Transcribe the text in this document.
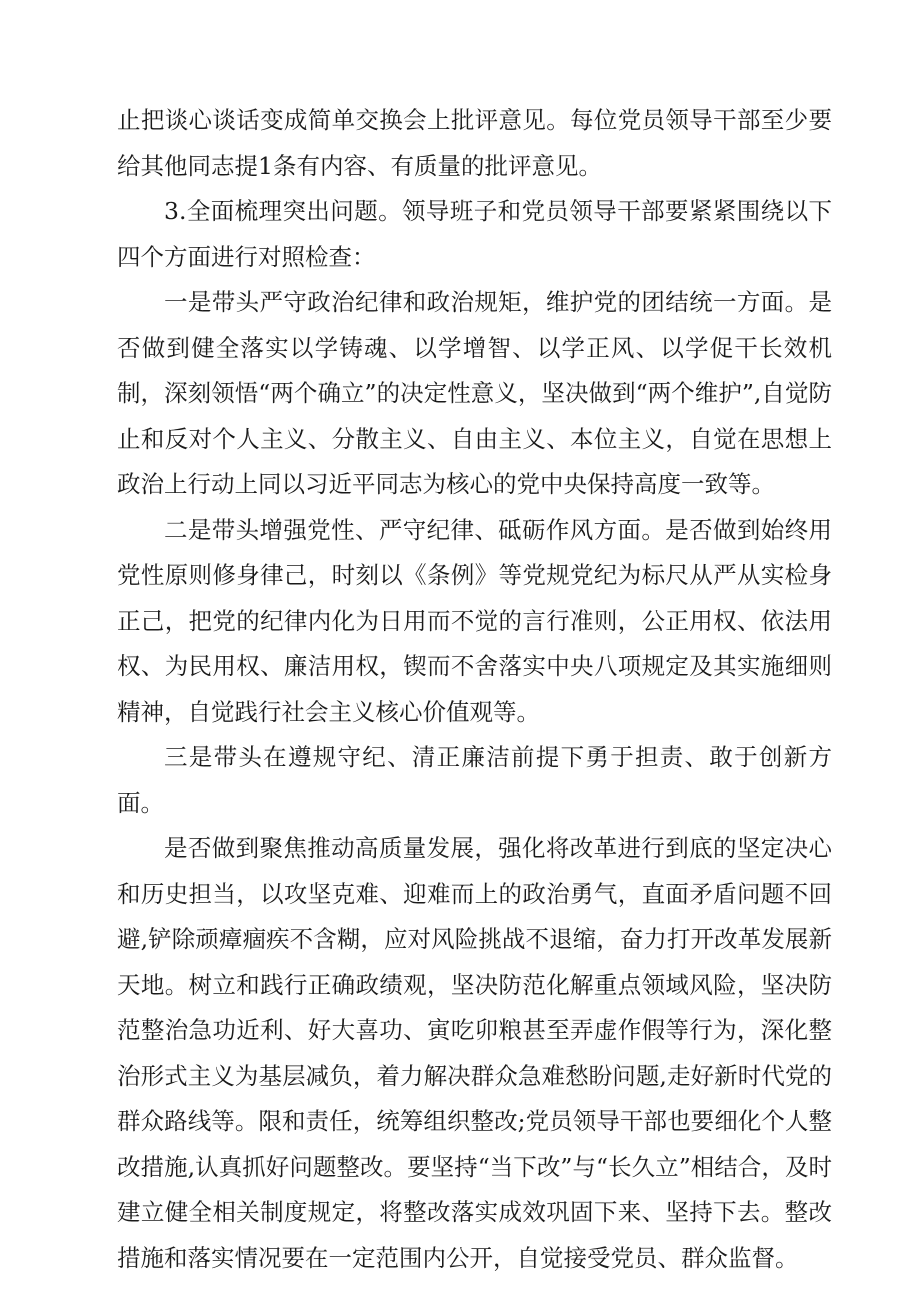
止把谈心谈话变成简单交换会上批评意见。每位党员领导干部至少要给其他同志提1条有内容、有质量的批评意见。

3.全面梳理突出问题。领导班子和党员领导干部要紧紧围绕以下四个方面进行对照检查：

一是带头严守政治纪律和政治规矩，维护党的团结统一方面。是否做到健全落实以学铸魂、以学增智、以学正风、以学促干长效机制，深刻领悟“两个确立”的决定性意义，坚决做到“两个维护”,自觉防止和反对个人主义、分散主义、自由主义、本位主义，自觉在思想上政治上行动上同以习近平同志为核心的党中央保持高度一致等。

二是带头增强党性、严守纪律、砥砺作风方面。是否做到始终用党性原则修身律己，时刻以《条例》等党规党纪为标尺从严从实检身正己，把党的纪律内化为日用而不觉的言行准则，公正用权、依法用权、为民用权、廉洁用权，锲而不舍落实中央八项规定及其实施细则精神，自觉践行社会主义核心价值观等。

三是带头在遵规守纪、清正廉洁前提下勇于担责、敢于创新方面。

是否做到聚焦推动高质量发展，强化将改革进行到底的坚定决心和历史担当，以攻坚克难、迎难而上的政治勇气，直面矛盾问题不回避,铲除顽瘴痼疾不含糊，应对风险挑战不退缩，奋力打开改革发展新天地。树立和践行正确政绩观，坚决防范化解重点领域风险，坚决防范整治急功近利、好大喜功、寅吃卯粮甚至弄虚作假等行为，深化整治形式主义为基层减负，着力解决群众急难愁盼问题,走好新时代党的群众路线等。限和责任，统筹组织整改;党员领导干部也要细化个人整改措施,认真抓好问题整改。要坚持“当下改”与“长久立”相结合，及时建立健全相关制度规定，将整改落实成效巩固下来、坚持下去。整改措施和落实情况要在一定范围内公开，自觉接受党员、群众监督。
